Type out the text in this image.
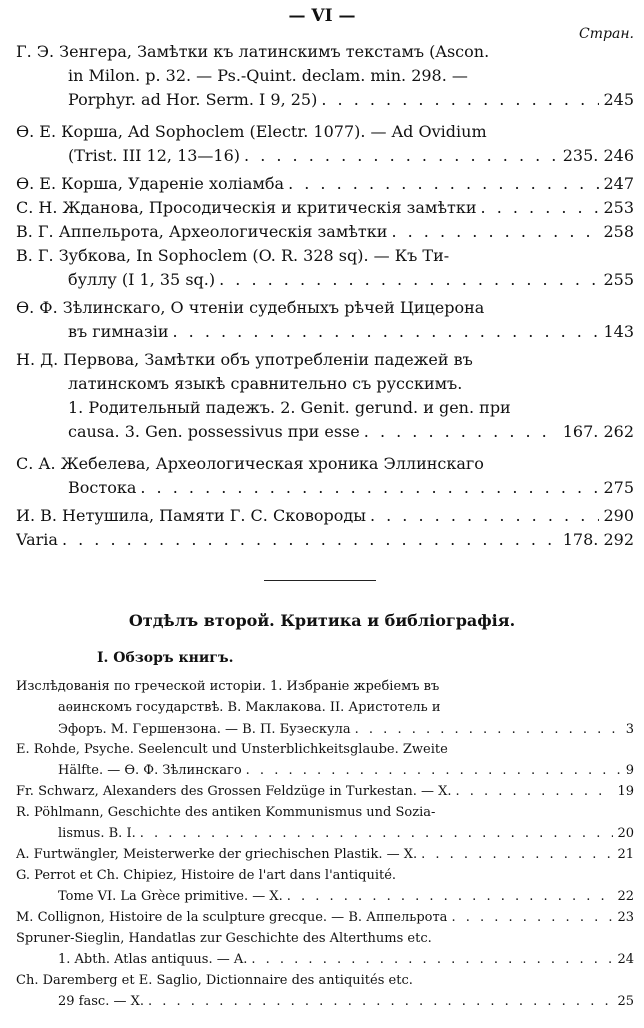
— VI —
Стран.
Г. Э. Зенгера, Замѣтки къ латинскимъ текстамъ (Ascon.
in Milon. p. 32. — Ps.-Quint. declam. min. 298. —
Porphyr. ad Hor. Serm. I 9, 25) . . .	245
Ѳ. Е. Корша, Ad Sophoclem (Electr. 1077). — Ad Ovidium
(Trist. III 12, 13—16) . . .	235. 246
Ѳ. Е. Корша, Удареніе холіамба . . .	247
С. Н. Жданова, Просодическія и критическія замѣтки . . .	253
В. Г. Аппельрота, Археологическія замѣтки . . .	258
В. Г. Зубкова, In Sophoclem (O. R. 328 sq). — Къ Ти-
буллу (I 1, 35 sq.) . . .	255
Ѳ. Ф. Зѣлинскаго, О чтеніи судебныхъ рѣчей Цицерона
въ гимназіи . . .	143
Н. Д. Первова, Замѣтки объ употребленіи падежей въ
латинскомъ языкѣ сравнительно съ русскимъ.
1. Родительный падежъ. 2. Genit. gerund. и gen. при
causa. 3. Gen. possessivus при esse . . .	167. 262
С. А. Жебелева, Археологическая хроника Эллинскаго
Востока . . .	275
И. В. Нетушила, Памяти Г. С. Сковороды . . .	290
Varia . . .	178. 292
Отдѣлъ второй. Критика и библіографія.
I. Обзоръ книгъ.
Изслѣдованія по греческой исторіи. 1. Избраніе жребіемъ въ
аѳинскомъ государствѣ. В. Маклакова. II. Аристотель и
Эфоръ. М. Гершензона. — В. П. Бузескула . . .	3
E. Rohde, Psyche. Seelencult und Unsterblichkeitsglaube. Zweite
Hälfte. — Ѳ. Ф. Зѣлинскаго . . .	9
Fr. Schwarz, Alexanders des Grossen Feldzüge in Turkestan. — X. . . .	19
R. Pöhlmann, Geschichte des antiken Kommunismus und Sozia-
lismus. B. I. . . .	20
A. Furtwängler, Meisterwerke der griechischen Plastik. — X. . . .	21
G. Perrot et Ch. Chipiez, Histoire de l'art dans l'antiquité.
Tome VI. La Grèce primitive. — X. . . .	22
M. Collignon, Histoire de la sculpture grecque. — В. Аппельрота . . .	23
Spruner-Sieglin, Handatlas zur Geschichte des Alterthums etc.
1. Abth. Atlas antiquus. — A. . . .	24
Ch. Daremberg et E. Saglio, Dictionnaire des antiquités etc.
29 fasc. — X. . . .	25
